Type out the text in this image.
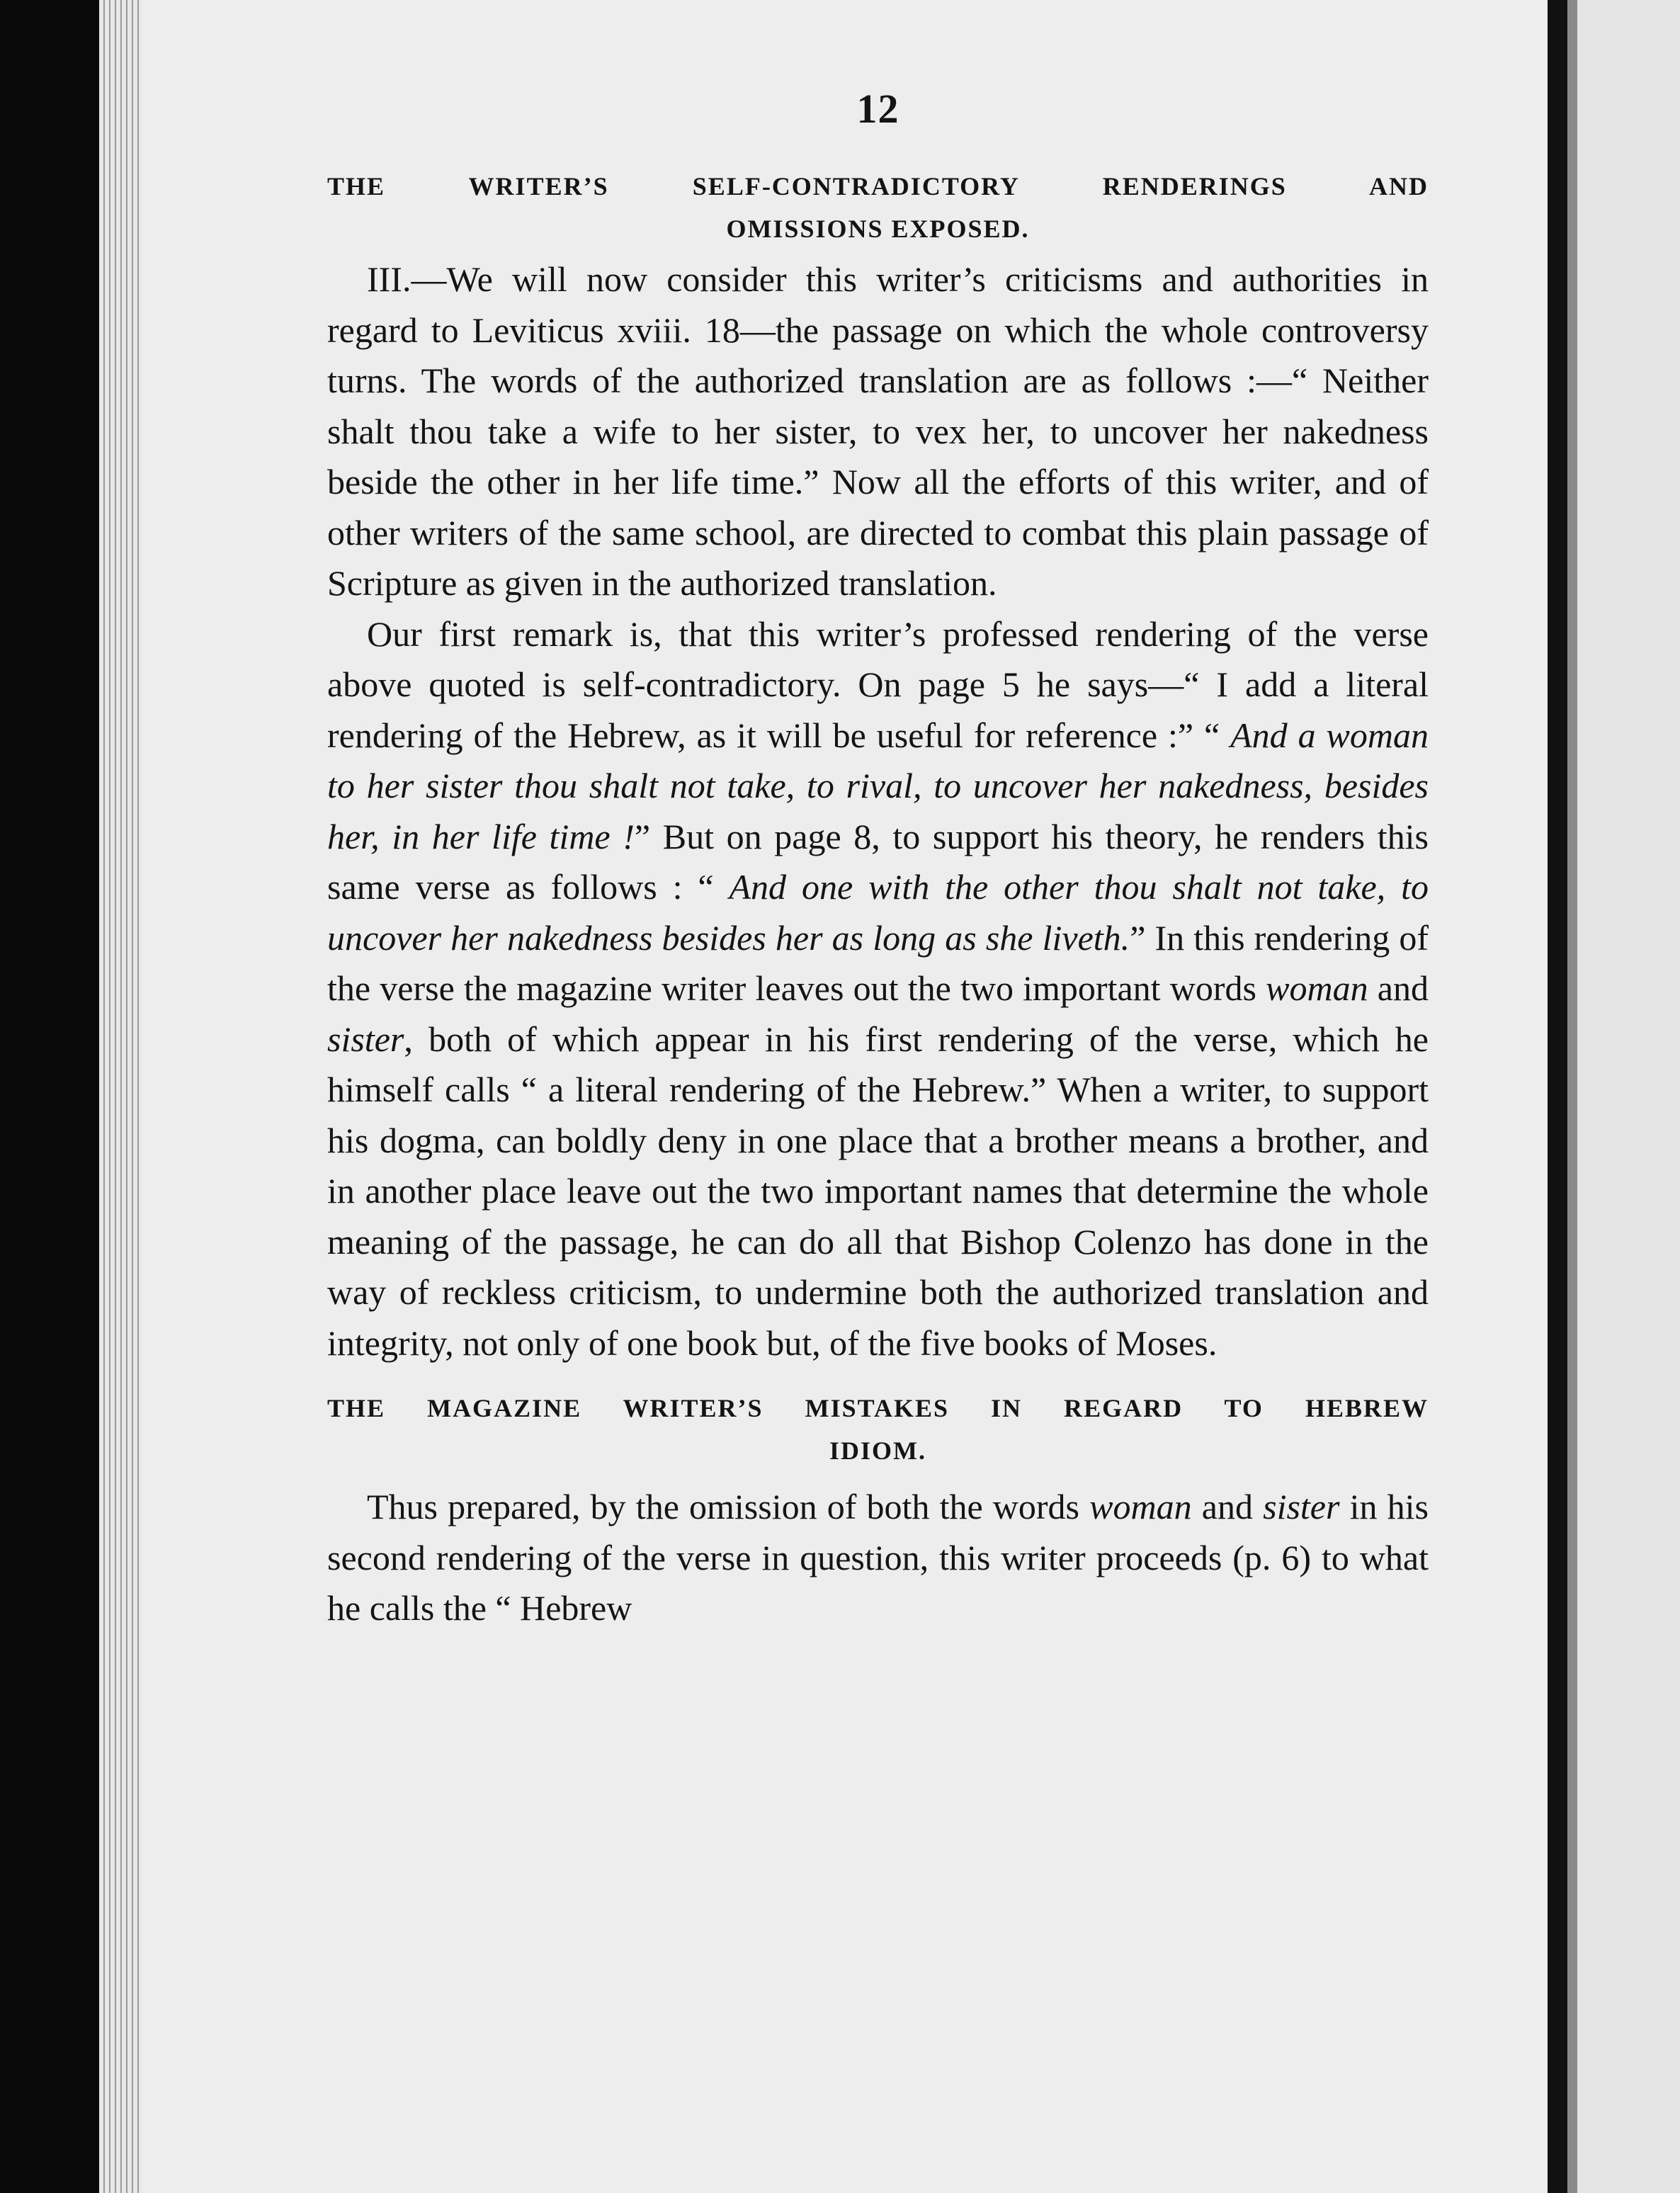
12
THE WRITER’S SELF-CONTRADICTORY RENDERINGS AND
OMISSIONS EXPOSED.

III.—We will now consider this writer’s criticisms and authorities in regard to Leviticus xviii. 18—the passage on which the whole controversy turns. The words of the authorized translation are as follows :—“ Neither shalt thou take a wife to her sister, to vex her, to uncover her nakedness beside the other in her life time.” Now all the efforts of this writer, and of other writers of the same school, are directed to combat this plain passage of Scripture as given in the authorized translation.

Our first remark is, that this writer’s professed rendering of the verse above quoted is self-contradictory. On page 5 he says—“ I add a literal rendering of the Hebrew, as it will be useful for reference :” “ And a woman to her sister thou shalt not take, to rival, to uncover her nakedness, besides her, in her life time !” But on page 8, to support his theory, he renders this same verse as follows : “ And one with the other thou shalt not take, to uncover her nakedness besides her as long as she liveth.” In this rendering of the verse the magazine writer leaves out the two important words woman and sister, both of which appear in his first rendering of the verse, which he himself calls “ a literal rendering of the Hebrew.” When a writer, to support his dogma, can boldly deny in one place that a brother means a brother, and in another place leave out the two important names that determine the whole meaning of the passage, he can do all that Bishop Colenzo has done in the way of reckless criticism, to undermine both the authorized translation and integrity, not only of one book but, of the five books of Moses.

THE MAGAZINE WRITER’S MISTAKES IN REGARD TO HEBREW
IDIOM.

Thus prepared, by the omission of both the words woman and sister in his second rendering of the verse in question, this writer proceeds (p. 6) to what he calls the “ Hebrew
